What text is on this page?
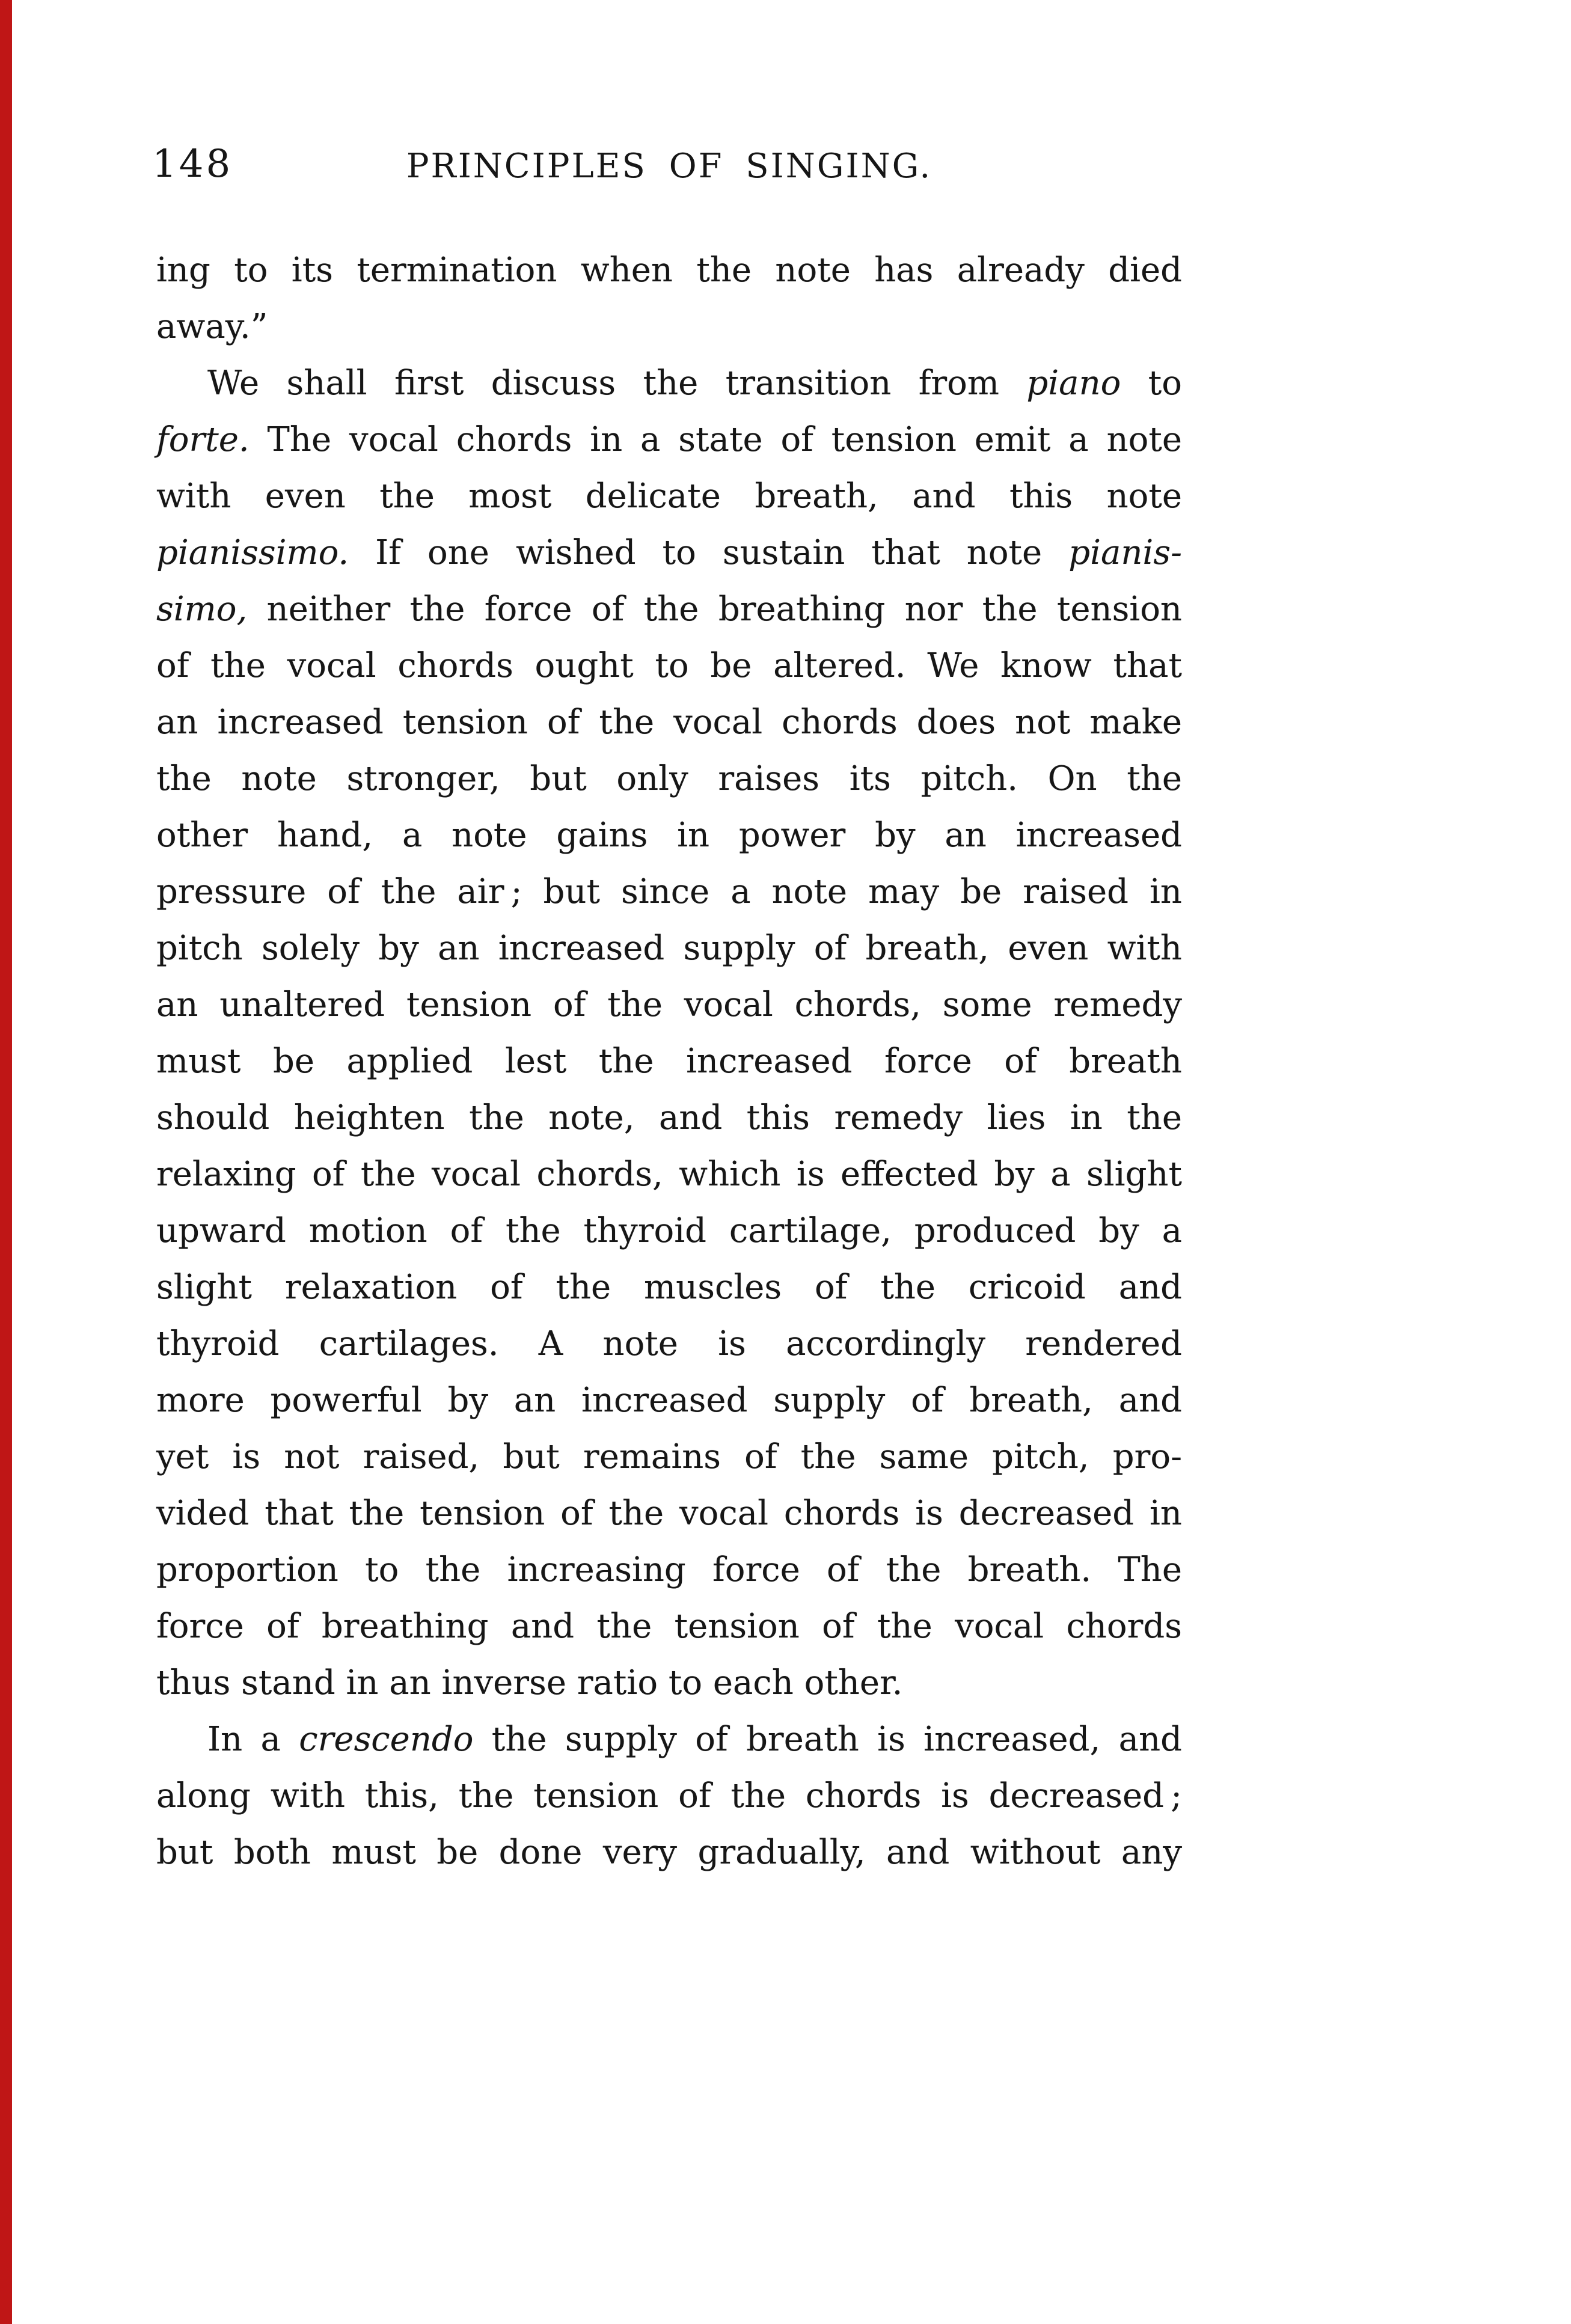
148	PRINCIPLES OF SINGING.
ing to its termination when the note has already died
away.”
We shall first discuss the transition from piano to
forte. The vocal chords in a state of tension emit a note
with even the most delicate breath, and this note
pianissimo. If one wished to sustain that note pianis-
simo, neither the force of the breathing nor the tension
of the vocal chords ought to be altered. We know that
an increased tension of the vocal chords does not make
the note stronger, but only raises its pitch. On the
other hand, a note gains in power by an increased
pressure of the air ; but since a note may be raised in
pitch solely by an increased supply of breath, even with
an unaltered tension of the vocal chords, some remedy
must be applied lest the increased force of breath
should heighten the note, and this remedy lies in the
relaxing of the vocal chords, which is effected by a slight
upward motion of the thyroid cartilage, produced by a
slight relaxation of the muscles of the cricoid and
thyroid cartilages. A note is accordingly rendered
more powerful by an increased supply of breath, and
yet is not raised, but remains of the same pitch, pro-
vided that the tension of the vocal chords is decreased in
proportion to the increasing force of the breath. The
force of breathing and the tension of the vocal chords
thus stand in an inverse ratio to each other.
In a crescendo the supply of breath is increased, and
along with this, the tension of the chords is decreased ;
but both must be done very gradually, and without any
